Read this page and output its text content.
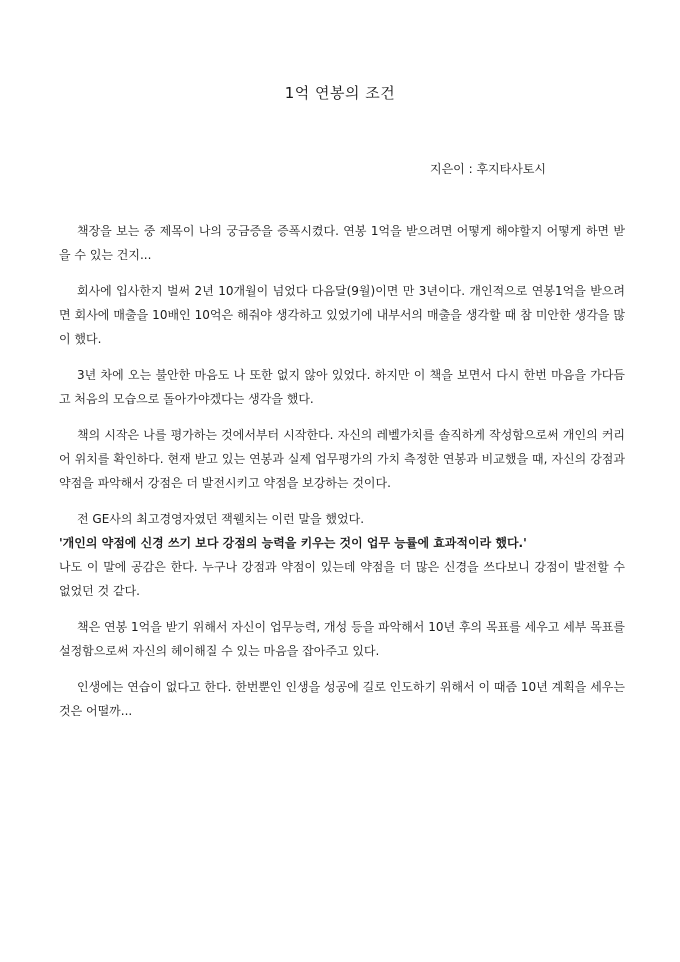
1억 연봉의 조건

지은이 : 후지타사토시

책장을 보는 중 제목이 나의 궁금증을 증폭시켰다. 연봉 1억을 받으려면 어떻게 해야할지 어떻게 하면 받을 수 있는 건지...

회사에 입사한지 벌써 2년 10개월이 넘었다 다음달(9월)이면 만 3년이다. 개인적으로 연봉1억을 받으려면 회사에 매출을 10배인 10억은 해줘야 생각하고 있었기에 내부서의 매출을 생각할 때 참 미안한 생각을 많이 했다.

3년 차에 오는 불안한 마음도 나 또한 없지 않아 있었다. 하지만 이 책을 보면서 다시 한번 마음을 가다듬고 처음의 모습으로 돌아가야겠다는 생각을 했다.

책의 시작은 나를 평가하는 것에서부터 시작한다. 자신의 레벨가치를 솔직하게 작성함으로써 개인의 커리어 위치를 확인하다. 현재 받고 있는 연봉과 실제 업무평가의 가치 측정한 연봉과 비교했을 때, 자신의 강점과 약점을 파악해서 강점은 더 발전시키고 약점을 보강하는 것이다.

전 GE사의 최고경영자였던 잭웰치는 이런 말을 했었다.

'개인의 약점에 신경 쓰기 보다 강점의 능력을 키우는 것이 업무 능률에 효과적이라 했다.'

나도 이 말에 공감은 한다. 누구나 강점과 약점이 있는데 약점을 더 많은 신경을 쓰다보니 강점이 발전할 수 없었던 것 같다.

책은 연봉 1억을 받기 위해서 자신이 업무능력, 개성 등을 파악해서 10년 후의 목표를 세우고 세부 목표를 설정함으로써 자신의 헤이해질 수 있는 마음을 잡아주고 있다.

인생에는 연습이 없다고 한다. 한번뿐인 인생을 성공에 길로 인도하기 위해서 이 때즘 10년 계획을 세우는 것은 어떨까...
